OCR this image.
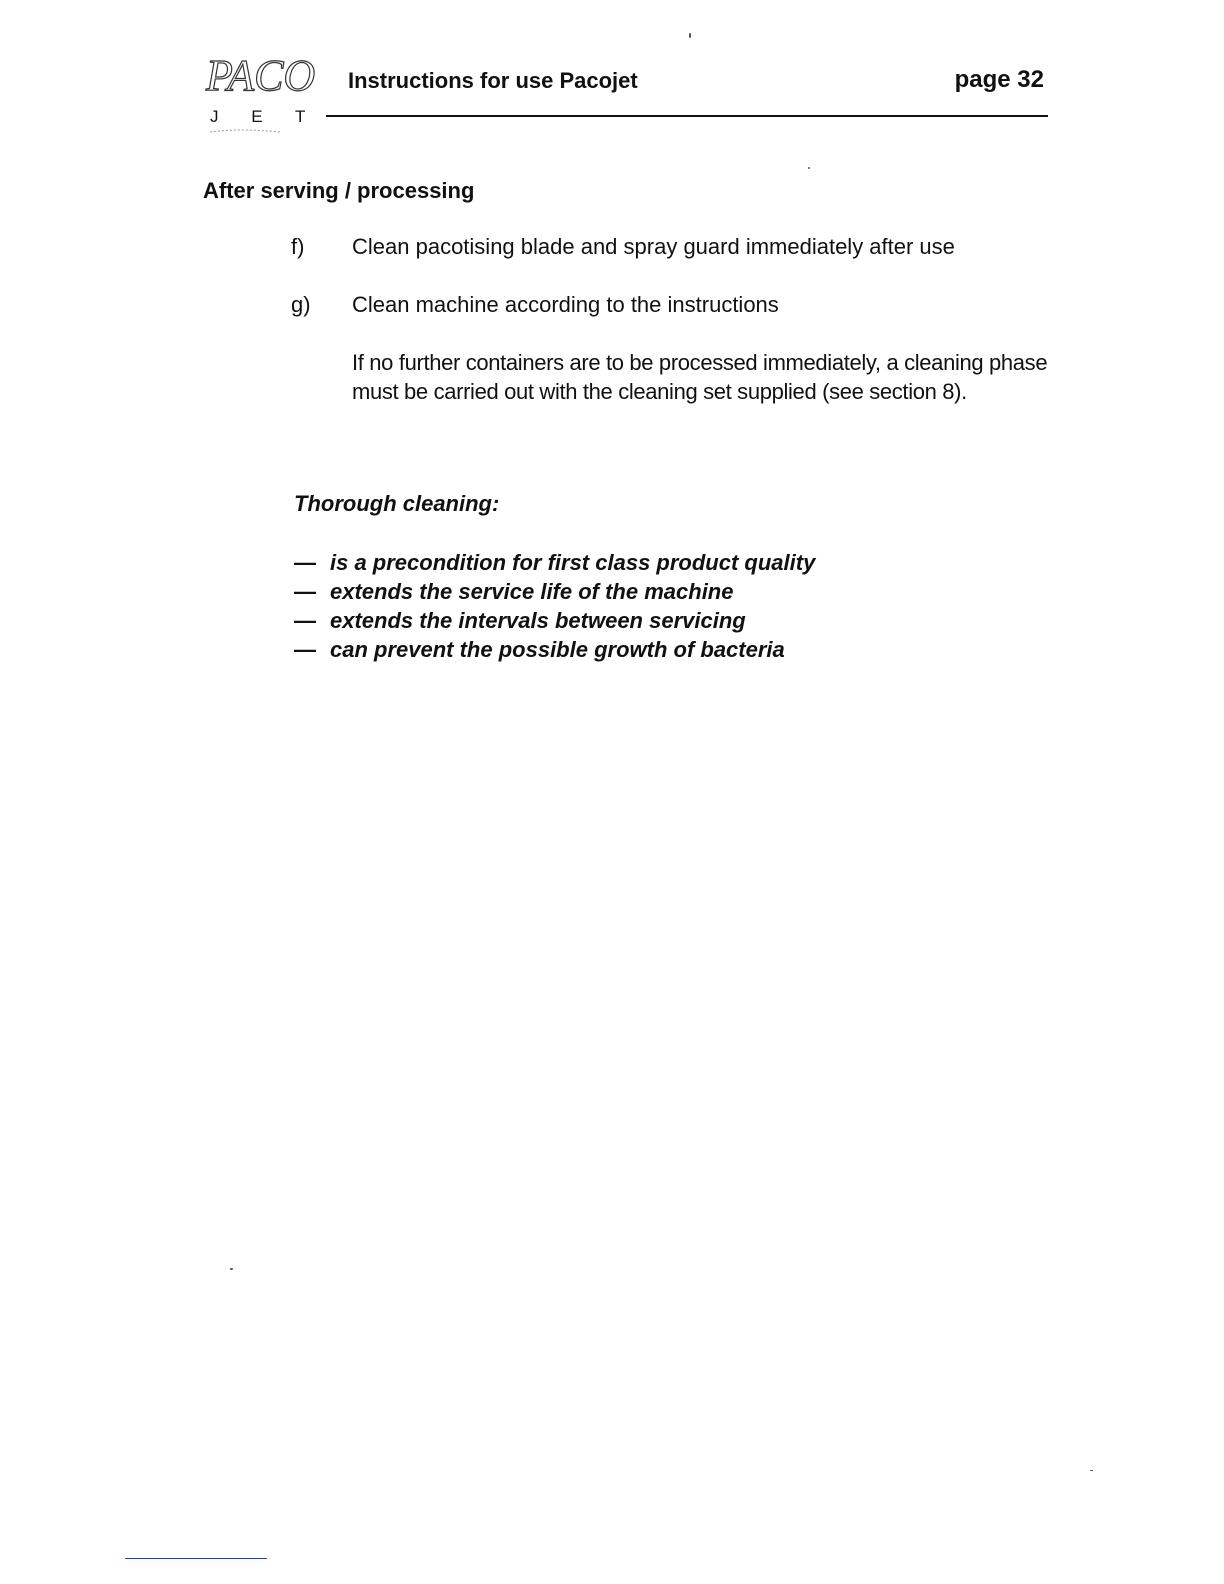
PACO
J E T
Instructions for use Pacojet	page 32
After serving / processing
f) Clean pacotising blade and spray guard immediately after use
g) Clean machine according to the instructions
If no further containers are to be processed immediately, a cleaning phase must be carried out with the cleaning set supplied (see section 8).
Thorough cleaning:
— is a precondition for first class product quality
— extends the service life of the machine
— extends the intervals between servicing
— can prevent the possible growth of bacteria
